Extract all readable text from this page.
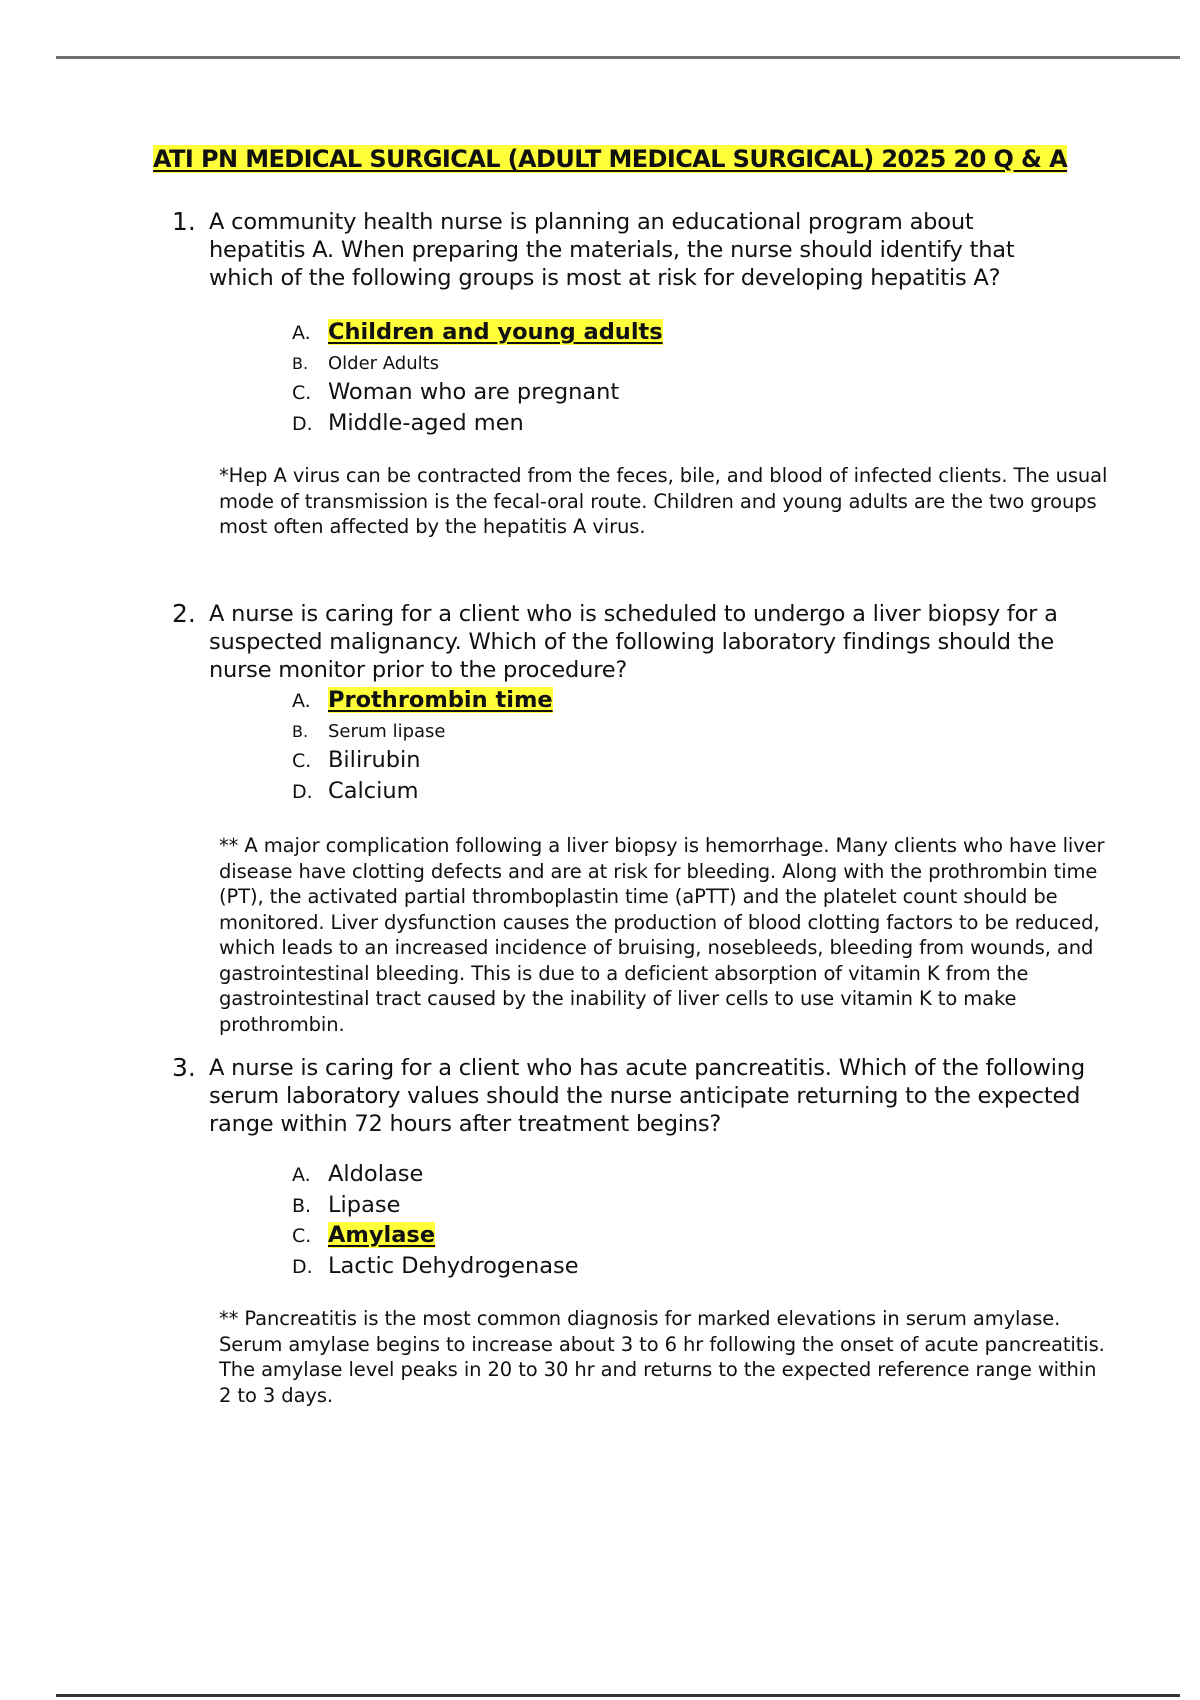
ATI PN MEDICAL SURGICAL (ADULT MEDICAL SURGICAL) 2025 20 Q & A
1. A community health nurse is planning an educational program about hepatitis A. When preparing the materials, the nurse should identify that which of the following groups is most at risk for developing hepatitis A?

A. Children and young adults
B. Older Adults
C. Woman who are pregnant
D. Middle-aged men

*Hep A virus can be contracted from the feces, bile, and blood of infected clients. The usual mode of transmission is the fecal-oral route. Children and young adults are the two groups most often affected by the hepatitis A virus.

2. A nurse is caring for a client who is scheduled to undergo a liver biopsy for a suspected malignancy. Which of the following laboratory findings should the nurse monitor prior to the procedure?

A. Prothrombin time
B. Serum lipase
C. Bilirubin
D. Calcium

** A major complication following a liver biopsy is hemorrhage. Many clients who have liver disease have clotting defects and are at risk for bleeding. Along with the prothrombin time (PT), the activated partial thromboplastin time (aPTT) and the platelet count should be monitored. Liver dysfunction causes the production of blood clotting factors to be reduced, which leads to an increased incidence of bruising, nosebleeds, bleeding from wounds, and gastrointestinal bleeding. This is due to a deficient absorption of vitamin K from the gastrointestinal tract caused by the inability of liver cells to use vitamin K to make prothrombin.

3. A nurse is caring for a client who has acute pancreatitis. Which of the following serum laboratory values should the nurse anticipate returning to the expected range within 72 hours after treatment begins?

A. Aldolase
B. Lipase
C. Amylase
D. Lactic Dehydrogenase

** Pancreatitis is the most common diagnosis for marked elevations in serum amylase. Serum amylase begins to increase about 3 to 6 hr following the onset of acute pancreatitis. The amylase level peaks in 20 to 30 hr and returns to the expected reference range within 2 to 3 days.
